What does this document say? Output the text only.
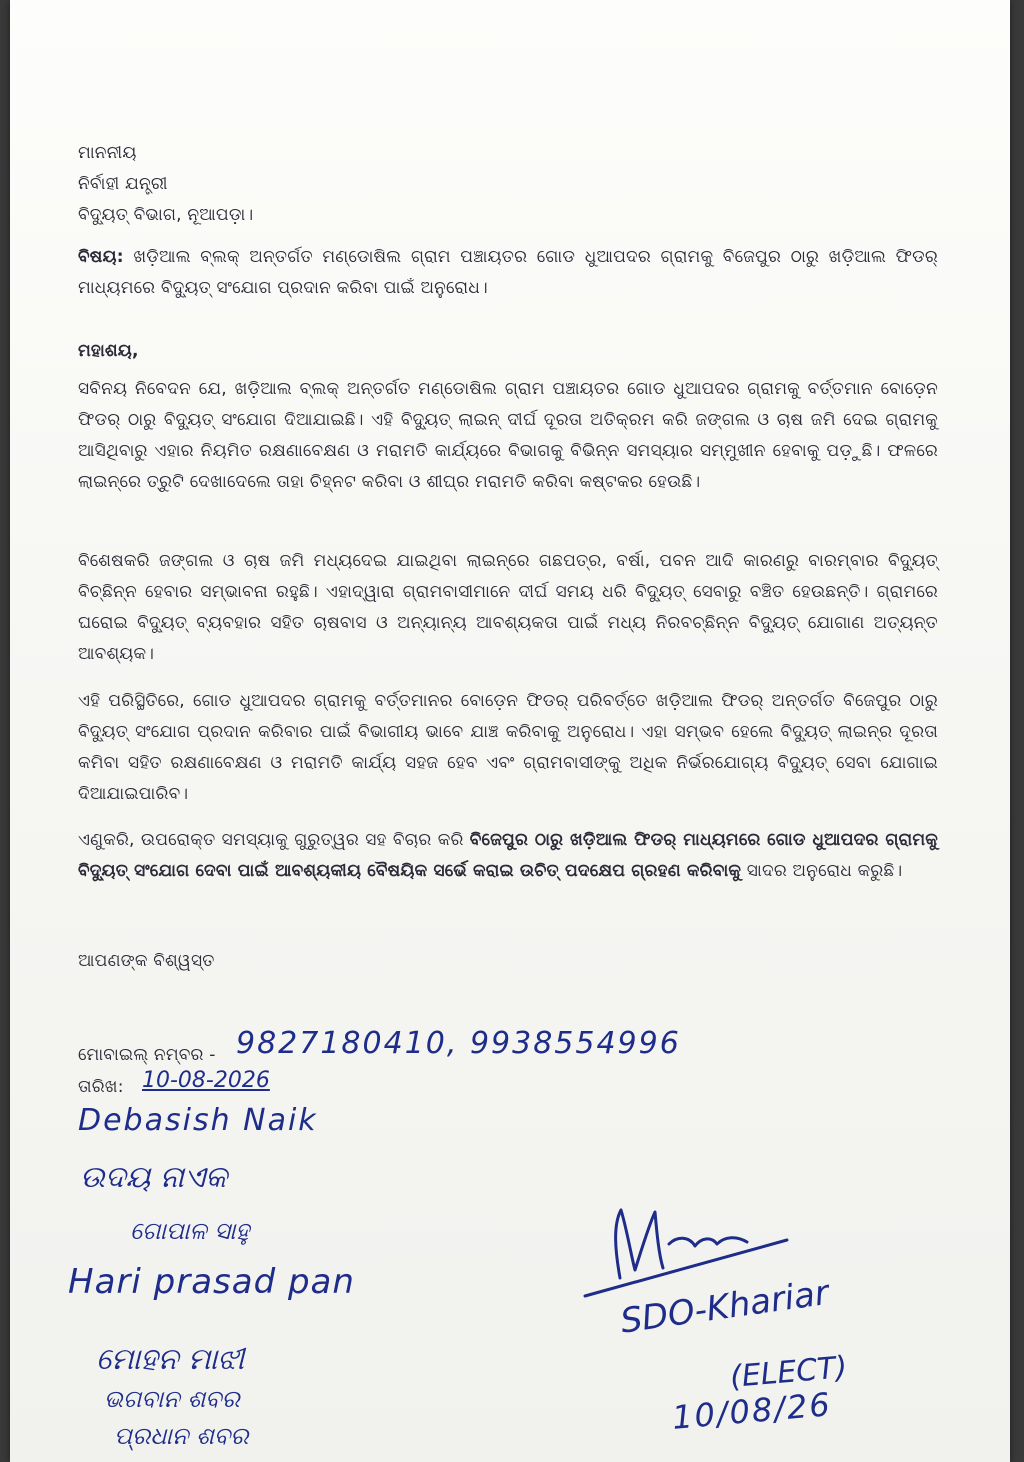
ମାନନୀୟ
ନିର୍ବାହୀ ଯନ୍ତ୍ରୀ
ବିଦ୍ୟୁତ୍ ବିଭାଗ, ନୂଆପଡ଼ା।

ବିଷୟ: ଖଡ଼ିଆଲ ବ୍ଲକ୍ ଅନ୍ତର୍ଗତ ମଣ୍ଡୋଷିଲ ଗ୍ରାମ ପଞ୍ଚାୟତର ଗୋଡ ଧୁଆପଦର ଗ୍ରାମକୁ ବିଜେପୁର ଠାରୁ ଖଡ଼ିଆଲ ଫିଡର୍ ମାଧ୍ୟମରେ ବିଦ୍ୟୁତ୍ ସଂଯୋଗ ପ୍ରଦାନ କରିବା ପାଇଁ ଅନୁରୋଧ।

ମହାଶୟ,

ସବିନୟ ନିବେଦନ ଯେ, ଖଡ଼ିଆଲ ବ୍ଲକ୍ ଅନ୍ତର୍ଗତ ମଣ୍ଡୋଷିଲ ଗ୍ରାମ ପଞ୍ଚାୟତର ଗୋଡ ଧୁଆପଦର ଗ୍ରାମକୁ ବର୍ତ୍ତମାନ ବୋଡ଼େନ ଫିଡର୍ ଠାରୁ ବିଦ୍ୟୁତ୍ ସଂଯୋଗ ଦିଆଯାଇଛି। ଏହି ବିଦ୍ୟୁତ୍ ଲାଇନ୍ ଦୀର୍ଘ ଦୂରତା ଅତିକ୍ରମ କରି ଜଙ୍ଗଲ ଓ ଚାଷ ଜମି ଦେଇ ଗ୍ରାମକୁ ଆସିଥିବାରୁ ଏହାର ନିୟମିତ ରକ୍ଷଣାବେକ୍ଷଣ ଓ ମରାମତି କାର୍ଯ୍ୟରେ ବିଭାଗକୁ ବିଭିନ୍ନ ସମସ୍ୟାର ସମ୍ମୁଖୀନ ହେବାକୁ ପଡ଼ୁଛି। ଫଳରେ ଲାଇନ୍‌ରେ ତ୍ରୁଟି ଦେଖାଦେଲେ ତାହା ଚିହ୍ନଟ କରିବା ଓ ଶୀଘ୍ର ମରାମତି କରିବା କଷ୍ଟକର ହେଉଛି।

ବିଶେଷକରି ଜଙ୍ଗଲ ଓ ଚାଷ ଜମି ମଧ୍ୟଦେଇ ଯାଇଥିବା ଲାଇନ୍‌ରେ ଗଛପତ୍ର, ବର୍ଷା, ପବନ ଆଦି କାରଣରୁ ବାରମ୍ବାର ବିଦ୍ୟୁତ୍ ବିଚ୍ଛିନ୍ନ ହେବାର ସମ୍ଭାବନା ରହୁଛି। ଏହାଦ୍ୱାରା ଗ୍ରାମବାସୀମାନେ ଦୀର୍ଘ ସମୟ ଧରି ବିଦ୍ୟୁତ୍ ସେବାରୁ ବଞ୍ଚିତ ହେଉଛନ୍ତି। ଗ୍ରାମରେ ଘରୋଇ ବିଦ୍ୟୁତ୍ ବ୍ୟବହାର ସହିତ ଚାଷବାସ ଓ ଅନ୍ୟାନ୍ୟ ଆବଶ୍ୟକତା ପାଇଁ ମଧ୍ୟ ନିରବଚ୍ଛିନ୍ନ ବିଦ୍ୟୁତ୍ ଯୋଗାଣ ଅତ୍ୟନ୍ତ ଆବଶ୍ୟକ।

ଏହି ପରିସ୍ଥିତିରେ, ଗୋଡ ଧୁଆପଦର ଗ୍ରାମକୁ ବର୍ତ୍ତମାନର ବୋଡ଼େନ ଫିଡର୍ ପରିବର୍ତ୍ତେ ଖଡ଼ିଆଲ ଫିଡର୍ ଅନ୍ତର୍ଗତ ବିଜେପୁର ଠାରୁ ବିଦ୍ୟୁତ୍ ସଂଯୋଗ ପ୍ରଦାନ କରିବାର ପାଇଁ ବିଭାଗୀୟ ଭାବେ ଯାଞ୍ଚ କରିବାକୁ ଅନୁରୋଧ। ଏହା ସମ୍ଭବ ହେଲେ ବିଦ୍ୟୁତ୍ ଲାଇନ୍‌ର ଦୂରତା କମିବା ସହିତ ରକ୍ଷଣାବେକ୍ଷଣ ଓ ମରାମତି କାର୍ଯ୍ୟ ସହଜ ହେବ ଏବଂ ଗ୍ରାମବାସୀଙ୍କୁ ଅଧିକ ନିର୍ଭରଯୋଗ୍ୟ ବିଦ୍ୟୁତ୍ ସେବା ଯୋଗାଇ ଦିଆଯାଇପାରିବ।

ଏଣୁକରି, ଉପରୋକ୍ତ ସମସ୍ୟାକୁ ଗୁରୁତ୍ୱର ସହ ବିଚାର କରି ବିଜେପୁର ଠାରୁ ଖଡ଼ିଆଲ ଫିଡର୍ ମାଧ୍ୟମରେ ଗୋଡ ଧୁଆପଦର ଗ୍ରାମକୁ ବିଦ୍ୟୁତ୍ ସଂଯୋଗ ଦେବା ପାଇଁ ଆବଶ୍ୟକୀୟ ବୈଷୟିକ ସର୍ଭେ କରାଇ ଉଚିତ୍ ପଦକ୍ଷେପ ଗ୍ରହଣ କରିବାକୁ ସାଦର ଅନୁରୋଧ କରୁଛି।

ଆପଣଙ୍କ ବିଶ୍ୱସ୍ତ
ମୋବାଇଲ୍ ନମ୍ବର - 9827180410, 9938554996
ତାରିଖ: 10-08-2026
Debasish Naik
ଉଦୟ ନାଏକ
ଗୋପାଳ ସାହୁ
Hari prasad pan
ମୋହନ ମାଝୀ
ଭଗବାନ ଶବର
ପ୍ରଧାନ ଶବର
SDO-Khariar
(ELECT)
10/08/26
